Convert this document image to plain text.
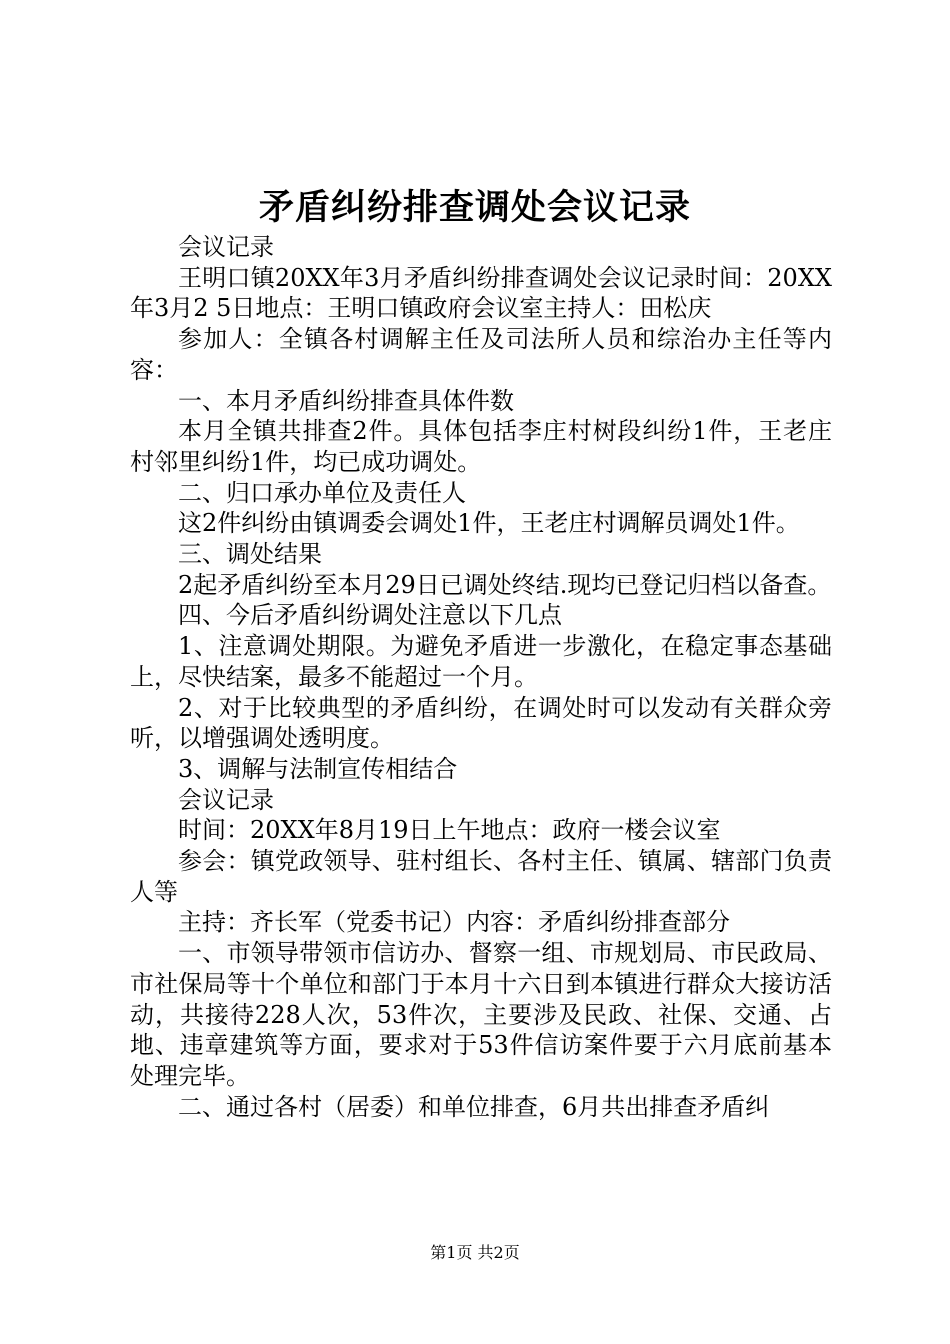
矛盾纠纷排查调处会议记录

会议记录

王明口镇20XX年3月矛盾纠纷排查调处会议记录时间：20XX年3月2 5日地点：王明口镇政府会议室主持人：田松庆

参加人：全镇各村调解主任及司法所人员和综治办主任等内容：

一、本月矛盾纠纷排查具体件数

本月全镇共排查2件。具体包括李庄村树段纠纷1件，王老庄村邻里纠纷1件，均已成功调处。

二、归口承办单位及责任人

这2件纠纷由镇调委会调处1件，王老庄村调解员调处1件。

三、调处结果

2起矛盾纠纷至本月29日已调处终结.现均已登记归档以备查。

四、今后矛盾纠纷调处注意以下几点

1、注意调处期限。为避免矛盾进一步激化，在稳定事态基础上，尽快结案，最多不能超过一个月。

2、对于比较典型的矛盾纠纷，在调处时可以发动有关群众旁听，以增强调处透明度。

3、调解与法制宣传相结合

会议记录

时间：20XX年8月19日上午地点：政府一楼会议室

参会：镇党政领导、驻村组长、各村主任、镇属、辖部门负责人等

主持：齐长军（党委书记）内容：矛盾纠纷排查部分

一、市领导带领市信访办、督察一组、市规划局、市民政局、市社保局等十个单位和部门于本月十六日到本镇进行群众大接访活动，共接待228人次，53件次，主要涉及民政、社保、交通、占地、违章建筑等方面，要求对于53件信访案件要于六月底前基本处理完毕。

二、通过各村（居委）和单位排查，6月共出排查矛盾纠

第1页 共2页
